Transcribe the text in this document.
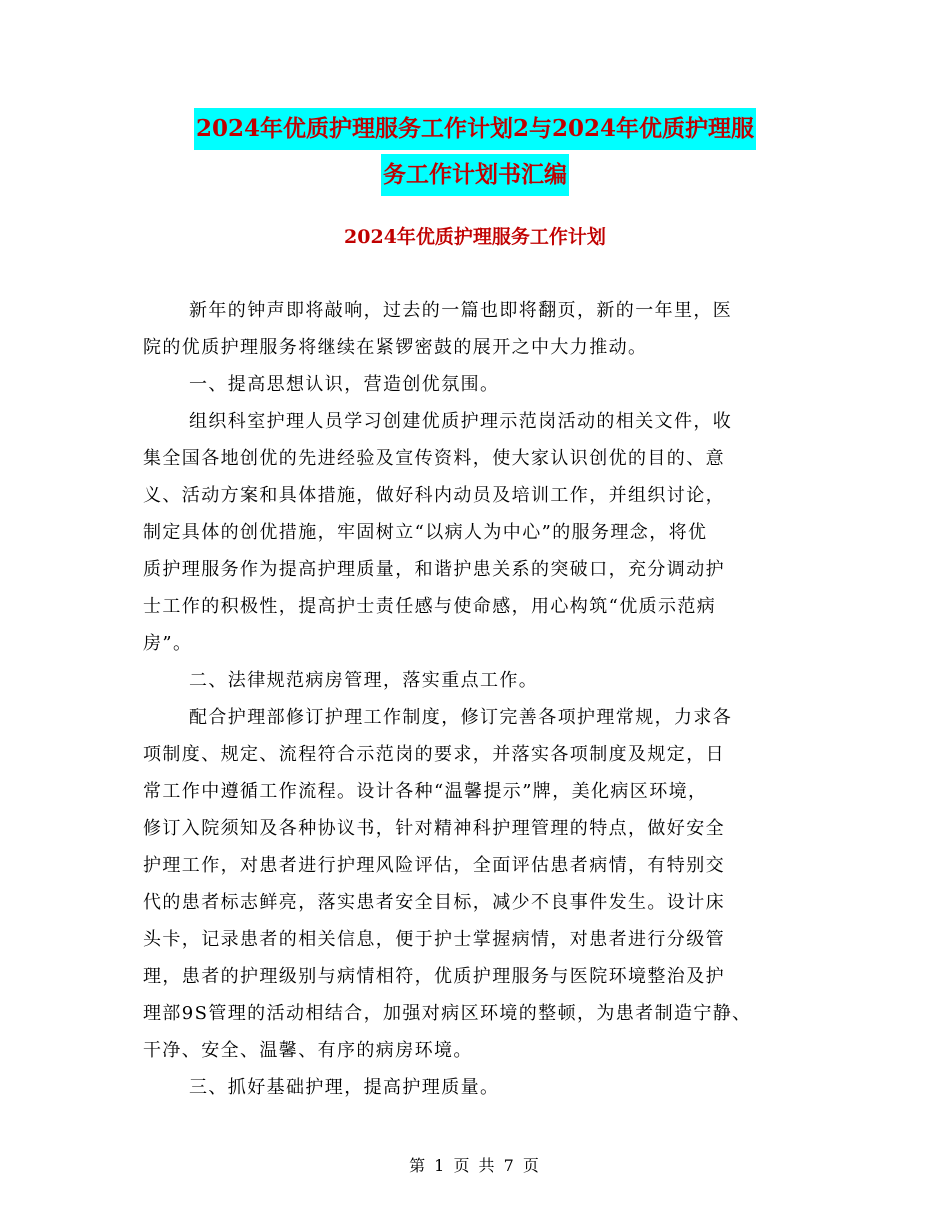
2024年优质护理服务工作计划2与2024年优质护理服
务工作计划书汇编
2024年优质护理服务工作计划
新年的钟声即将敲响，过去的一篇也即将翻页，新的一年里，医
院的优质护理服务将继续在紧锣密鼓的展开之中大力推动。
一、提高思想认识，营造创优氛围。
组织科室护理人员学习创建优质护理示范岗活动的相关文件，收
集全国各地创优的先进经验及宣传资料，使大家认识创优的目的、意
义、活动方案和具体措施，做好科内动员及培训工作，并组织讨论，
制定具体的创优措施，牢固树立“以病人为中心”的服务理念，将优
质护理服务作为提高护理质量，和谐护患关系的突破口，充分调动护
士工作的积极性，提高护士责任感与使命感，用心构筑“优质示范病
房”。
二、法律规范病房管理，落实重点工作。
配合护理部修订护理工作制度，修订完善各项护理常规，力求各
项制度、规定、流程符合示范岗的要求，并落实各项制度及规定，日
常工作中遵循工作流程。设计各种“温馨提示”牌，美化病区环境，
修订入院须知及各种协议书，针对精神科护理管理的特点，做好安全
护理工作，对患者进行护理风险评估，全面评估患者病情，有特别交
代的患者标志鲜亮，落实患者安全目标，减少不良事件发生。设计床
头卡，记录患者的相关信息，便于护士掌握病情，对患者进行分级管
理，患者的护理级别与病情相符，优质护理服务与医院环境整治及护
理部9S管理的活动相结合，加强对病区环境的整顿，为患者制造宁静、
干净、安全、温馨、有序的病房环境。
三、抓好基础护理，提高护理质量。
第 1 页 共 7 页
